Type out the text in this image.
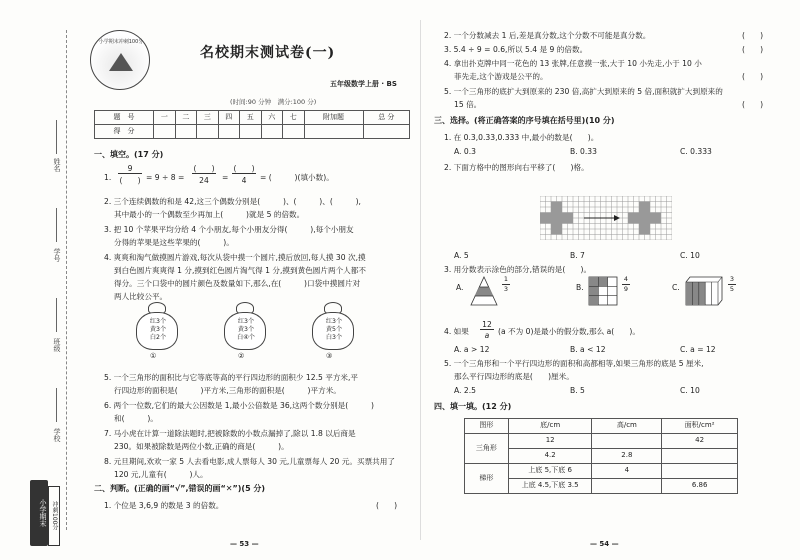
姓名
学号
班级
学校
小学期末 冲刺100分
小学期末冲刺100分
名校期末测试卷(一)
五年级数学上册 · BS
(时间:90 分钟　满分:100 分)
题　号	一	二	三	四	五	六	七	附加题	总 分
得　分									
一、填空。(17 分)
1.
9
(　　) = 9 ÷ 8 =
(　　)
24	=
(　　)
4	= (　　　)(填小数)。
2. 三个连续偶数的和是 42,这三个偶数分别是(　　　)、(　　　)、(　　　),
其中最小的一个偶数至少再加上(　　　)就是 5 的倍数。
3. 把 10 个苹果平均分给 4 个小朋友,每个小朋友分得(　　　),每个小朋友
分得的苹果是这些苹果的(　　　)。
4. 爽爽和淘气做摸圆片游戏,每次从袋中摸一个圆片,摸后放回,每人摸 30 次,摸
到白色圆片爽爽得 1 分,摸到红色圆片淘气得 1 分,摸到黄色圆片两个人都不
得分。三个口袋中的圆片颜色及数量如下,那么,在(　　　)口袋中摸圆片对
两人比较公平。
红3个
黄3个
白2个
①
红3个
黄3个
白④个
②
红3个
黄5个
白3个
③
5. 一个三角形的面积比与它等底等高的平行四边形的面积少 12.5 平方米,平
行四边形的面积是(　　　)平方米,三角形的面积是(　　　)平方米。
6. 两个一位数,它们的最大公因数是 1,最小公倍数是 36,这两个数分别是(　　　)
和(　　　)。
7. 马小虎在计算一道除法题时,把被除数的小数点漏掉了,除以 1.8 以后商是
230。如果被除数是两位小数,正确的商是(　　　)。
8. 元旦期间,欢欢一家 5 人去看电影,成人票每人 30 元,儿童票每人 20 元。买票共用了
120 元,儿童有(　　　)人。
二、判断。(正确的画“√”,错误的画“✕”)(5 分)
1. 个位是 3,6,9 的数是 3 的倍数。	(　　)
— 53 —
2. 一个分数减去 1 后,差是真分数,这个分数不可能是真分数。	(　　)
3. 5.4 ÷ 9 = 0.6,所以 5.4 是 9 的倍数。	(　　)
4. 拿出扑克牌中同一花色的 13 张牌,任意摸一张,大于 10 小先走,小于 10 小
菲先走,这个游戏是公平的。	(　　)
5. 一个三角形的底扩大到原来的 230 倍,高扩大到原来的 5 倍,面积就扩大到原来的
15 倍。	(　　)
三、选择。(将正确答案的序号填在括号里)(10 分)
1. 在 0.3,0.33,0.333 中,最小的数是(　　)。
A. 0.3	B. 0.33	C. 0.333
2. 下面方格中的图形向右平移了(　　)格。
A. 5	B. 7	C. 10
3. 用分数表示涂色的部分,错误的是(　　)。
A.
1
3	B.
4
9	C.
3
5
4. 如果
12
a	(a 不为 0)是最小的假分数,那么 a(　　)。
A. a > 12	B. a < 12	C. a = 12
5. 一个三角形和一个平行四边形的面积和高都相等,如果三角形的底是 5 厘米,
那么平行四边形的底是(　　)厘米。
A. 2.5	B. 5	C. 10
四、填一填。(12 分)
图形	底/cm	高/cm	面积/cm²
三角形	12		42
	4.2	2.8	
梯形	上底 5,下底 6	4	
	上底 4.5,下底 3.5		6.86
— 54 —
